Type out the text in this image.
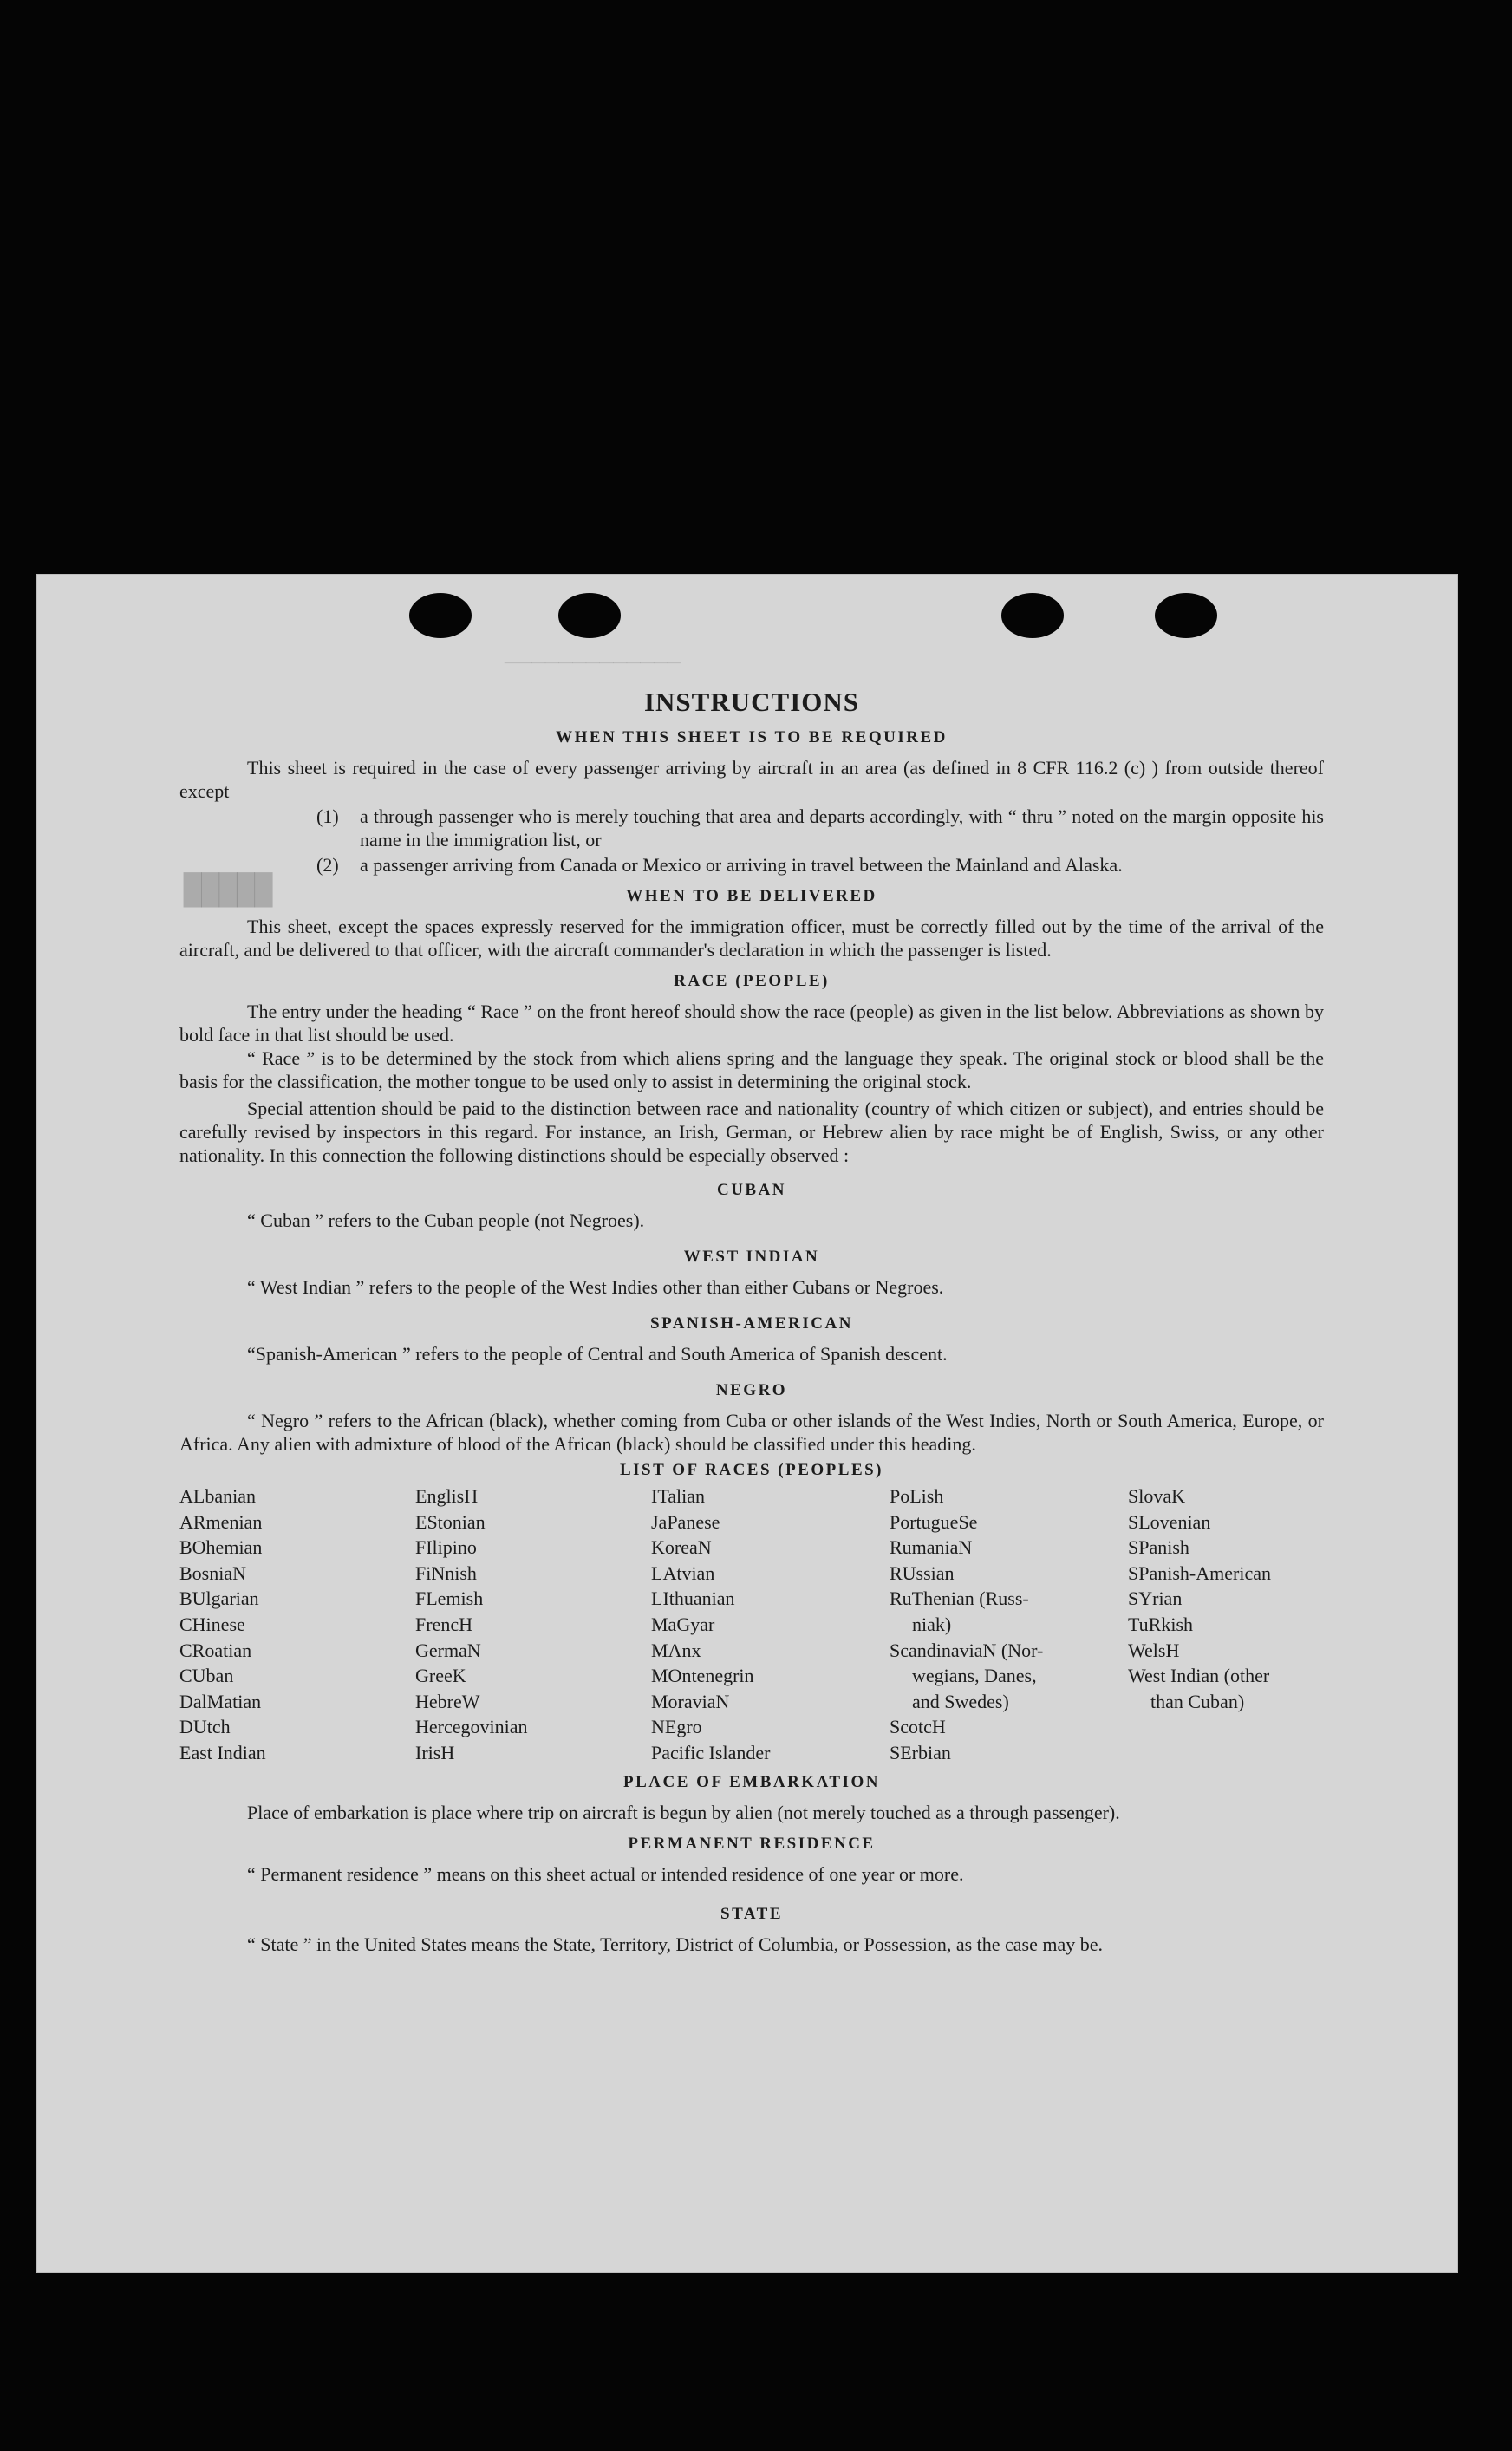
█████
─────────────
INSTRUCTIONS
WHEN THIS SHEET IS TO BE REQUIRED

This sheet is required in the case of every passenger arriving by aircraft in an area (as defined in 8 CFR 116.2 (c) ) from outside thereof except

(1)	a through passenger who is merely touching that area and departs accordingly, with “ thru ” noted on the margin opposite his name in the immigration list, or
(2)	a passenger arriving from Canada or Mexico or arriving in travel between the Mainland and Alaska.
WHEN TO BE DELIVERED

This sheet, except the spaces expressly reserved for the immigration officer, must be correctly filled out by the time of the arrival of the aircraft, and be delivered to that officer, with the aircraft commander's declaration in which the passenger is listed.

RACE (PEOPLE)

The entry under the heading “ Race ” on the front hereof should show the race (people) as given in the list below. Abbreviations as shown by bold face in that list should be used.

“ Race ” is to be determined by the stock from which aliens spring and the language they speak. The original stock or blood shall be the basis for the classification, the mother tongue to be used only to assist in determining the original stock.

Special attention should be paid to the distinction between race and nationality (country of which citizen or subject), and entries should be carefully revised by inspectors in this regard. For instance, an Irish, German, or Hebrew alien by race might be of English, Swiss, or any other nationality. In this connection the following distinctions should be especially observed :

CUBAN

“ Cuban ” refers to the Cuban people (not Negroes).

WEST INDIAN

“ West Indian ” refers to the people of the West Indies other than either Cubans or Negroes.

SPANISH-AMERICAN

“Spanish-American ” refers to the people of Central and South America of Spanish descent.

NEGRO

“ Negro ” refers to the African (black), whether coming from Cuba or other islands of the West Indies, North or South America, Europe, or Africa. Any alien with admixture of blood of the African (black) should be classified under this heading.

LIST OF RACES (PEOPLES)
ALbanian
ARmenian
BOhemian
BosniaN
BUlgarian
CHinese
CRoatian
CUban
DalMatian
DUtch
East Indian
EnglisH
EStonian
FIlipino
FiNnish
FLemish
FrencH
GermaN
GreeK
HebreW
Hercegovinian
IrisH
ITalian
JaPanese
KoreaN
LAtvian
LIthuanian
MaGyar
MAnx
MOntenegrin
MoraviaN
NEgro
Pacific Islander
PoLish
PortugueSe
RumaniaN
RUssian
RuThenian (Russ-
niak)
ScandinaviaN (Nor-
wegians, Danes,
and Swedes)
ScotcH
SErbian
SlovaK
SLovenian
SPanish
SPanish-American
SYrian
TuRkish
WelsH
West Indian (other
than Cuban)
PLACE OF EMBARKATION

Place of embarkation is place where trip on aircraft is begun by alien (not merely touched as a through passenger).

PERMANENT RESIDENCE

“ Permanent residence ” means on this sheet actual or intended residence of one year or more.

STATE

“ State ” in the United States means the State, Territory, District of Columbia, or Possession, as the case may be.
